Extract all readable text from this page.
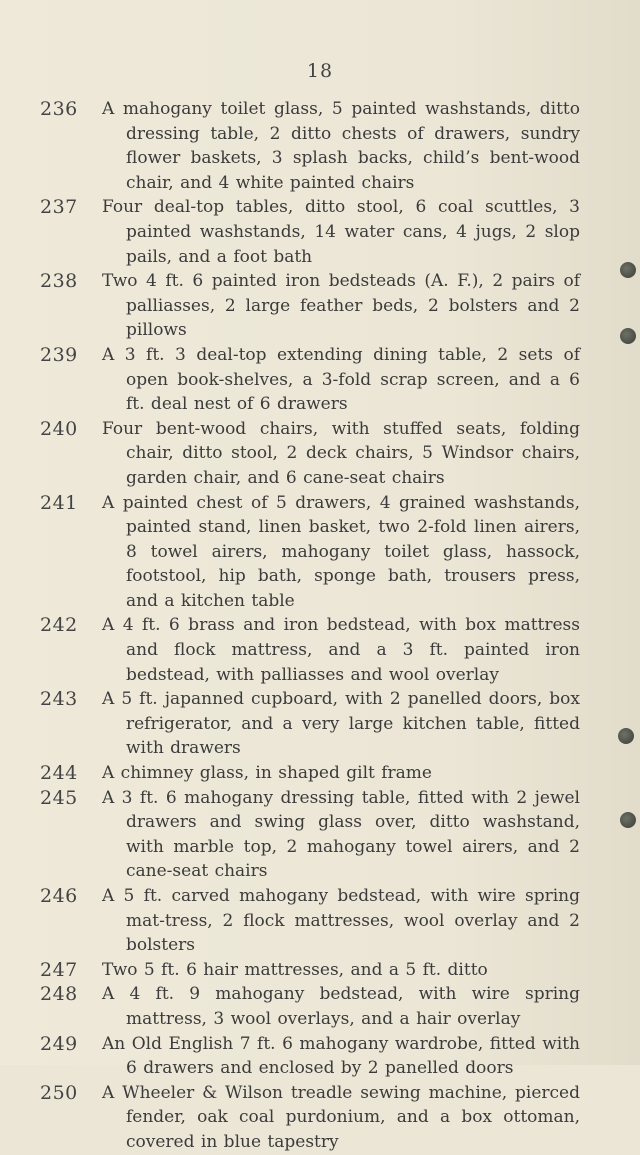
18
236	A mahogany toilet glass, 5 painted washstands, ditto dressing table, 2 ditto chests of drawers, sundry flower baskets, 3 splash backs, child’s bent-wood chair, and 4 white painted chairs
237	Four deal-top tables, ditto stool, 6 coal scuttles, 3 painted washstands, 14 water cans, 4 jugs, 2 slop pails, and a foot bath
238	Two 4 ft. 6 painted iron bedsteads (A. F.), 2 pairs of palliasses, 2 large feather beds, 2 bolsters and 2 pillows
239	A 3 ft. 3 deal-top extending dining table, 2 sets of open book-shelves, a 3-fold scrap screen, and a 6 ft. deal nest of 6 drawers
240	Four bent-wood chairs, with stuffed seats, folding chair, ditto stool, 2 deck chairs, 5 Windsor chairs, garden chair, and 6 cane-seat chairs
241	A painted chest of 5 drawers, 4 grained washstands, painted stand, linen basket, two 2-fold linen airers, 8 towel airers, mahogany toilet glass, hassock, footstool, hip bath, sponge bath, trousers press, and a kitchen table
242	A 4 ft. 6 brass and iron bedstead, with box mattress and flock mattress, and a 3 ft. painted iron bedstead, with palliasses and wool overlay
243	A 5 ft. japanned cupboard, with 2 panelled doors, box refrigerator, and a very large kitchen table, fitted with drawers
244	A chimney glass, in shaped gilt frame
245	A 3 ft. 6 mahogany dressing table, fitted with 2 jewel drawers and swing glass over, ditto washstand, with marble top, 2 mahogany towel airers, and 2 cane-seat chairs
246	A 5 ft. carved mahogany bedstead, with wire spring mat-tress, 2 flock mattresses, wool overlay and 2 bolsters
247	Two 5 ft. 6 hair mattresses, and a 5 ft. ditto
248	A 4 ft. 9 mahogany bedstead, with wire spring mattress, 3 wool overlays, and a hair overlay
249	An Old English 7 ft. 6 mahogany wardrobe, fitted with 6 drawers and enclosed by 2 panelled doors
250	A Wheeler & Wilson treadle sewing machine, pierced fender, oak coal purdonium, and a box ottoman, covered in blue tapestry
